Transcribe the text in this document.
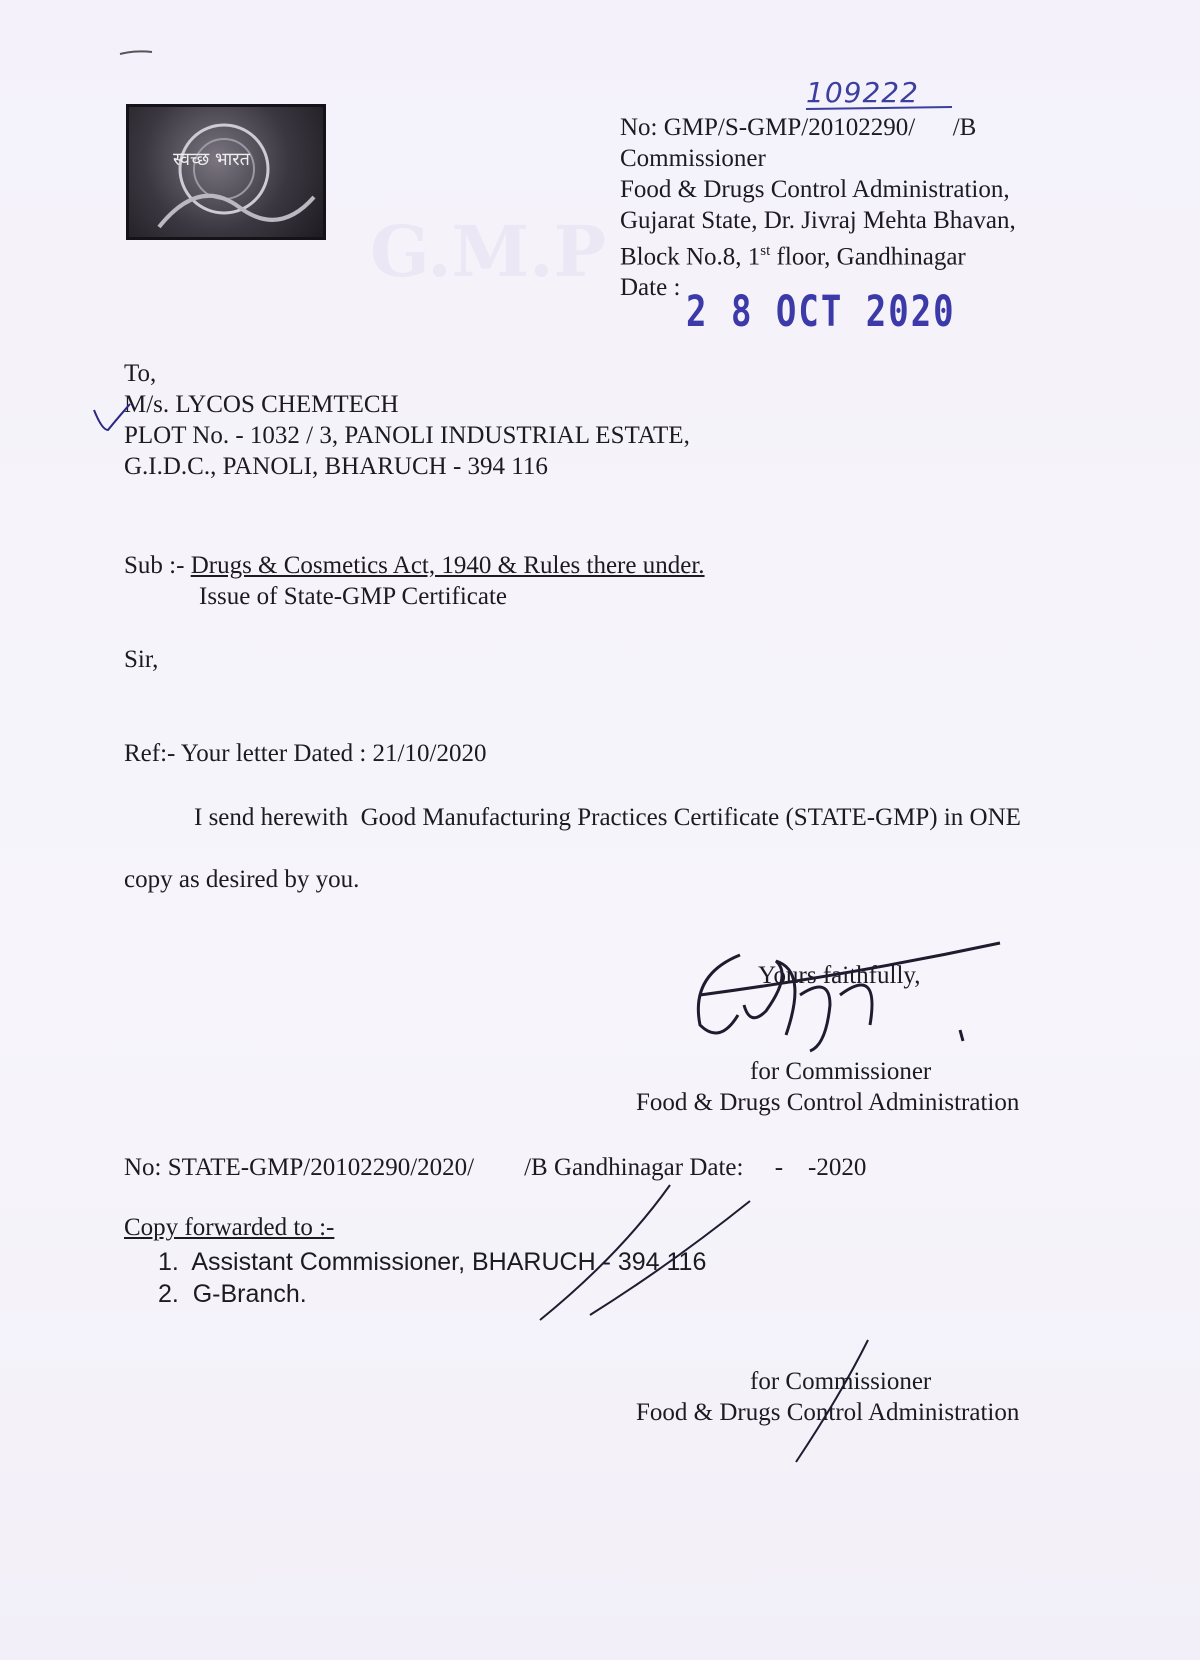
G.M.P
स्वच्छ भारत
109222
No: GMP/S-GMP/20102290/      /B
Commissioner
Food & Drugs Control Administration,
Gujarat State, Dr. Jivraj Mehta Bhavan,
Block No.8, 1st floor, Gandhinagar
Date : 2 8 OCT 2020
To,
M/s. LYCOS CHEMTECH
PLOT No. - 1032 / 3, PANOLI INDUSTRIAL ESTATE,
G.I.D.C., PANOLI, BHARUCH - 394 116
Sub :- Drugs & Cosmetics Act, 1940 & Rules there under.
Issue of State-GMP Certificate
Sir,
Ref:- Your letter Dated : 21/10/2020
I send herewith  Good Manufacturing Practices Certificate (STATE-GMP) in ONE
copy as desired by you.
Yours faithfully,
for Commissioner
Food & Drugs Control Administration
No: STATE-GMP/20102290/2020/        /B Gandhinagar Date:     -    -2020
Copy forwarded to :-
1.  Assistant Commissioner, BHARUCH - 394 116
2.  G-Branch.
for Commissioner
Food & Drugs Control Administration
